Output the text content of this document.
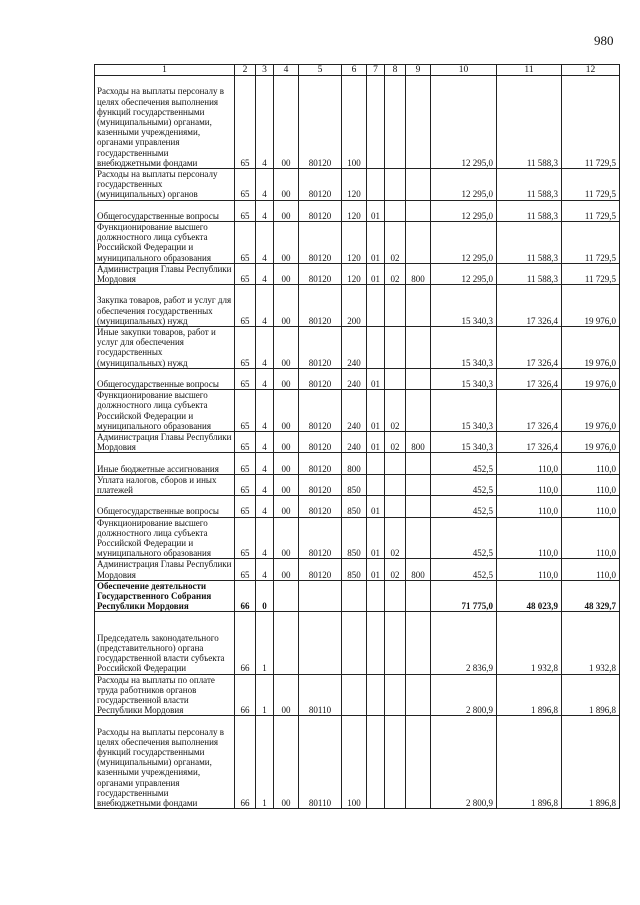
980
1	2	3	4	5	6	7	8	9	10	11	12
Расходы на выплаты персоналу в целях обеспечения выполнения функций государственными (муниципальными) органами, казенными учреждениями, органами управления государственными внебюджетными фондами	65	4	00	80120	100				12 295,0	11 588,3	11 729,5
Расходы на выплаты персоналу государственных (муниципальных) органов	65	4	00	80120	120				12 295,0	11 588,3	11 729,5
Общегосударственные вопросы	65	4	00	80120	120	01			12 295,0	11 588,3	11 729,5
Функционирование высшего должностного лица субъекта Российской Федерации и муниципального образования	65	4	00	80120	120	01	02		12 295,0	11 588,3	11 729,5
Администрация Главы Республики Мордовия	65	4	00	80120	120	01	02	800	12 295,0	11 588,3	11 729,5
Закупка товаров, работ и услуг для обеспечения государственных (муниципальных) нужд	65	4	00	80120	200				15 340,3	17 326,4	19 976,0
Иные закупки товаров, работ и услуг для обеспечения государственных (муниципальных) нужд	65	4	00	80120	240				15 340,3	17 326,4	19 976,0
Общегосударственные вопросы	65	4	00	80120	240	01			15 340,3	17 326,4	19 976,0
Функционирование высшего должностного лица субъекта Российской Федерации и муниципального образования	65	4	00	80120	240	01	02		15 340,3	17 326,4	19 976,0
Администрация Главы Республики Мордовия	65	4	00	80120	240	01	02	800	15 340,3	17 326,4	19 976,0
Иные бюджетные ассигнования	65	4	00	80120	800				452,5	110,0	110,0
Уплата налогов, сборов и иных платежей	65	4	00	80120	850				452,5	110,0	110,0
Общегосударственные вопросы	65	4	00	80120	850	01			452,5	110,0	110,0
Функционирование высшего должностного лица субъекта Российской Федерации и муниципального образования	65	4	00	80120	850	01	02		452,5	110,0	110,0
Администрация Главы Республики Мордовия	65	4	00	80120	850	01	02	800	452,5	110,0	110,0
Обеспечение деятельности Государственного Собрания Республики Мордовия	66	0							71 775,0	48 023,9	48 329,7
Председатель законодательного (представительного) органа государственной власти субъекта Российской Федерации	66	1							2 836,9	1 932,8	1 932,8
Расходы на выплаты по оплате труда работников органов государственной власти Республики Мордовия	66	1	00	80110					2 800,9	1 896,8	1 896,8
Расходы на выплаты персоналу в целях обеспечения выполнения функций государственными (муниципальными) органами, казенными учреждениями, органами управления государственными внебюджетными фондами	66	1	00	80110	100				2 800,9	1 896,8	1 896,8
